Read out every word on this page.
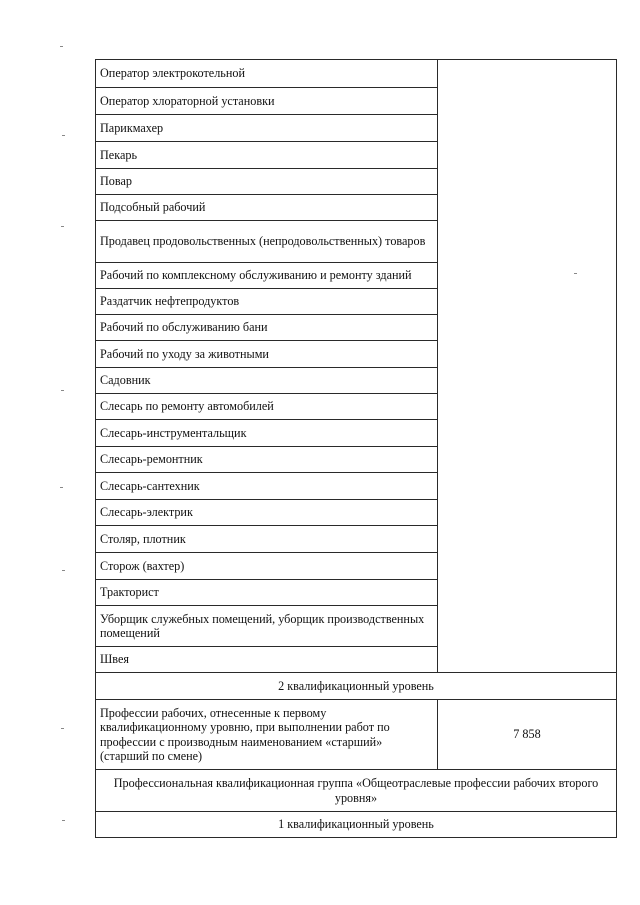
Оператор электрокотельной	
Оператор хлораторной установки	
Парикмахер	
Пекарь	
Повар	
Подсобный рабочий	
Продавец продовольственных (непродовольственных) товаров	
Рабочий по комплексному обслуживанию и ремонту зданий	
Раздатчик нефтепродуктов	
Рабочий по обслуживанию бани	
Рабочий по уходу за животными	
Садовник	
Слесарь по ремонту автомобилей	
Слесарь-инструментальщик	
Слесарь-ремонтник	
Слесарь-сантехник	
Слесарь-электрик	
Столяр, плотник	
Сторож (вахтер)	
Тракторист	
Уборщик служебных помещений, уборщик производственных помещений	
Швея	
2 квалификационный уровень	
Профессии рабочих, отнесенные к первому квалификационному уровню, при выполнении работ по профессии с производным наименованием «старший» (старший по смене)	7 858
Профессиональная квалификационная группа «Общеотраслевые профессии рабочих второго уровня»	
1 квалификационный уровень	
